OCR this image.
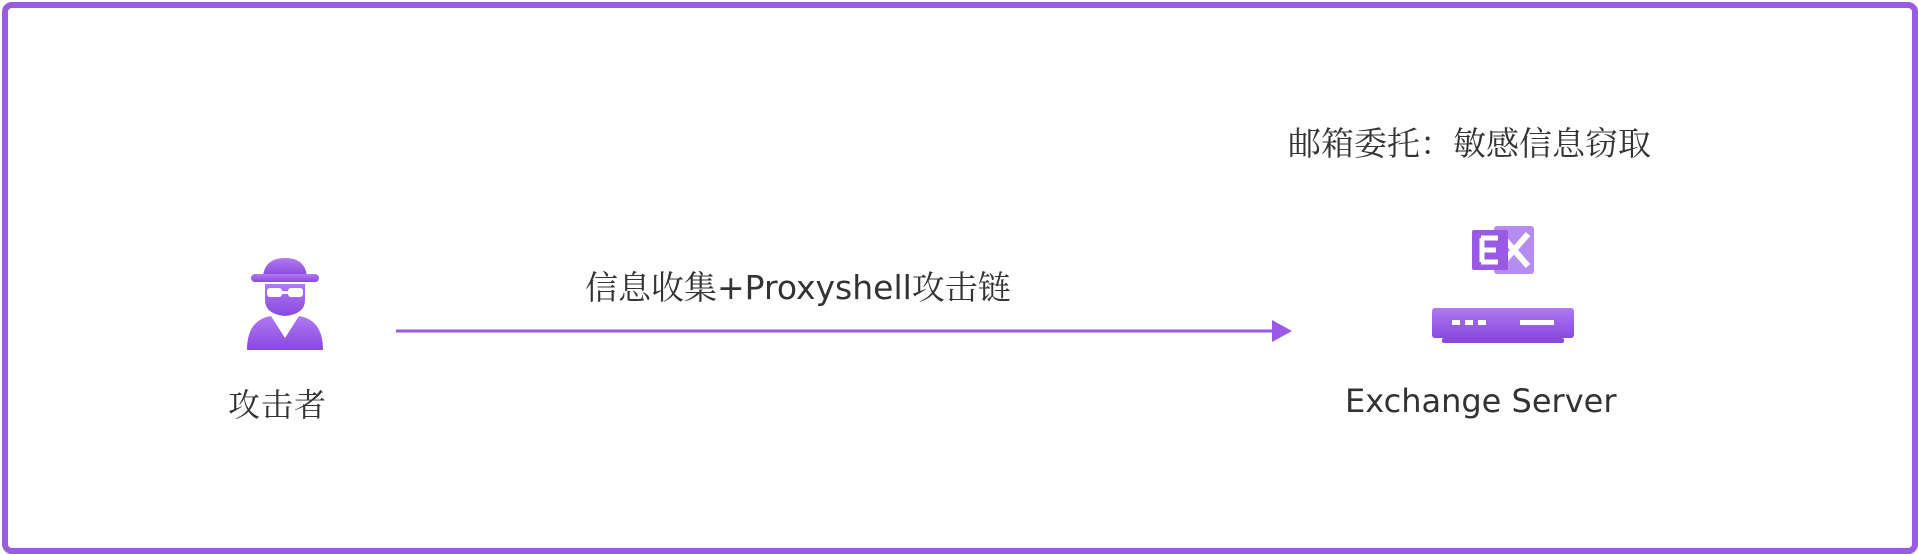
攻击者
信息收集+Proxyshell攻击链
邮箱委托：敏感信息窃取
Exchange Server
